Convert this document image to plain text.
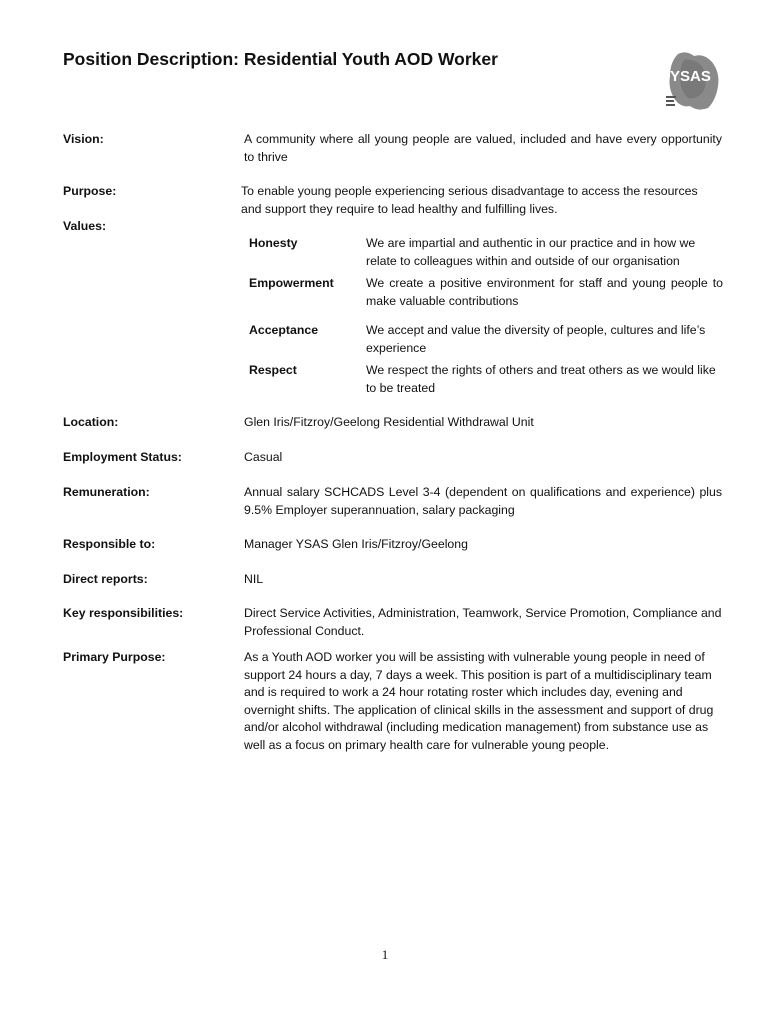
Position Description: Residential Youth AOD Worker
YSAS
Vision:	A community where all young people are valued, included and have every opportunity to thrive
Purpose:	To enable young people experiencing serious disadvantage to access the resources and support they require to lead healthy and fulfilling lives.
Values:
Honesty	We are impartial and authentic in our practice and in how we relate to colleagues within and outside of our organisation
Empowerment	We create a positive environment for staff and young people to make valuable contributions
Acceptance	We accept and value the diversity of people, cultures and life’s experience
Respect	We respect the rights of others and treat others as we would like to be treated
Location:	Glen Iris/Fitzroy/Geelong Residential Withdrawal Unit
Employment Status:	Casual
Remuneration:	Annual salary SCHCADS Level 3-4 (dependent on qualifications and experience) plus 9.5% Employer superannuation, salary packaging
Responsible to:	Manager YSAS Glen Iris/Fitzroy/Geelong
Direct reports:	NIL
Key responsibilities:	Direct Service Activities, Administration, Teamwork, Service Promotion, Compliance and Professional Conduct.
Primary Purpose:	As a Youth AOD worker you will be assisting with vulnerable young people in need of support 24 hours a day, 7 days a week. This position is part of a multidisciplinary team and is required to work a 24 hour rotating roster which includes day, evening and overnight shifts. The application of clinical skills in the assessment and support of drug and/or alcohol withdrawal (including medication management) from substance use as well as a focus on primary health care for vulnerable young people.
1
